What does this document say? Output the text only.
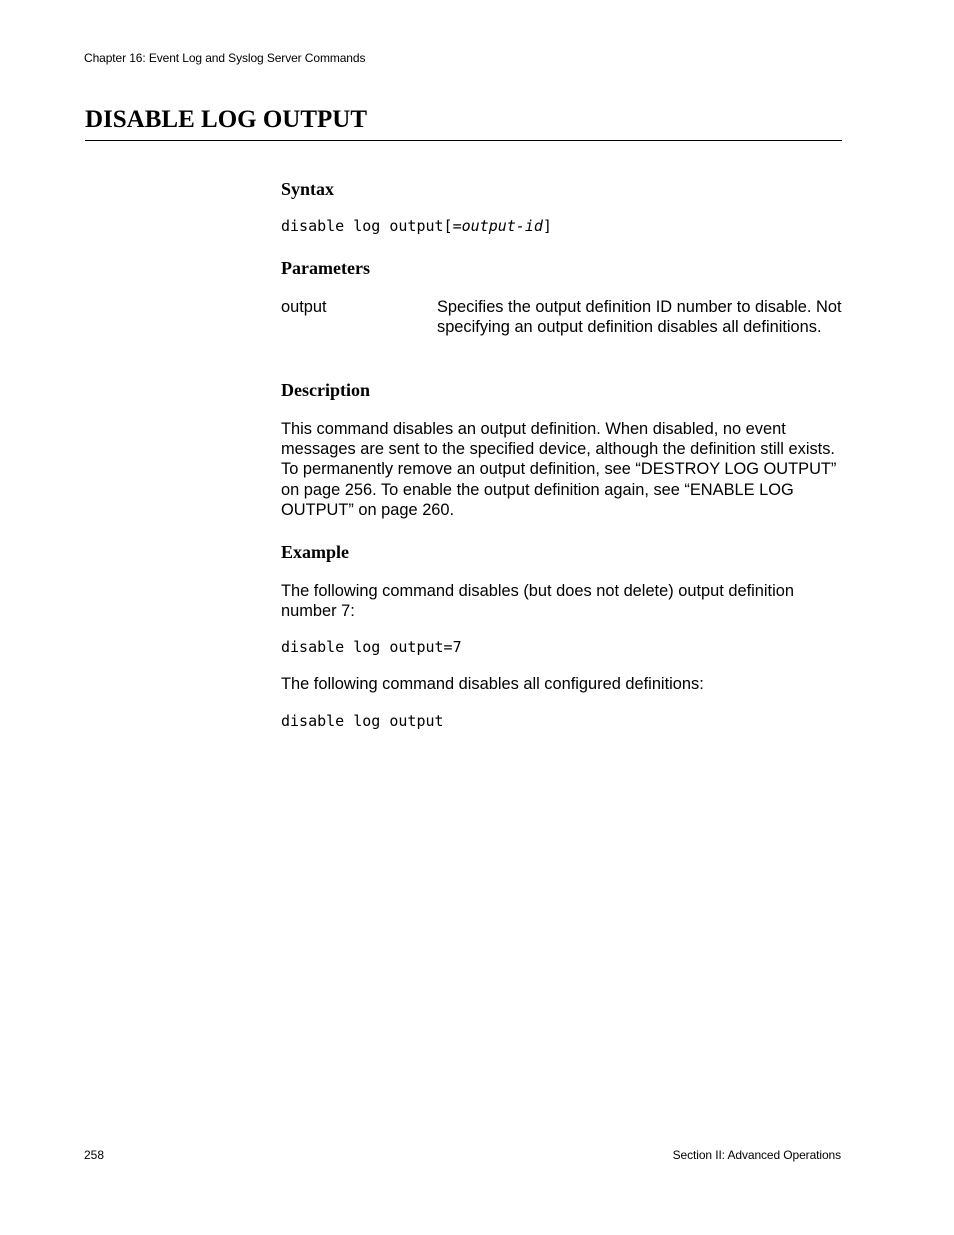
Chapter 16: Event Log and Syslog Server Commands
DISABLE LOG OUTPUT
Syntax
disable log output[=output-id]
Parameters
output	Specifies the output definition ID number to disable. Not specifying an output definition disables all definitions.

Description

This command disables an output definition. When disabled, no event messages are sent to the specified device, although the definition still exists. To permanently remove an output definition, see “DESTROY LOG OUTPUT” on page 256. To enable the output definition again, see “ENABLE LOG OUTPUT” on page 260.

Example

The following command disables (but does not delete) output definition number 7:

disable log output=7

The following command disables all configured definitions:

disable log output
258	Section II: Advanced Operations
